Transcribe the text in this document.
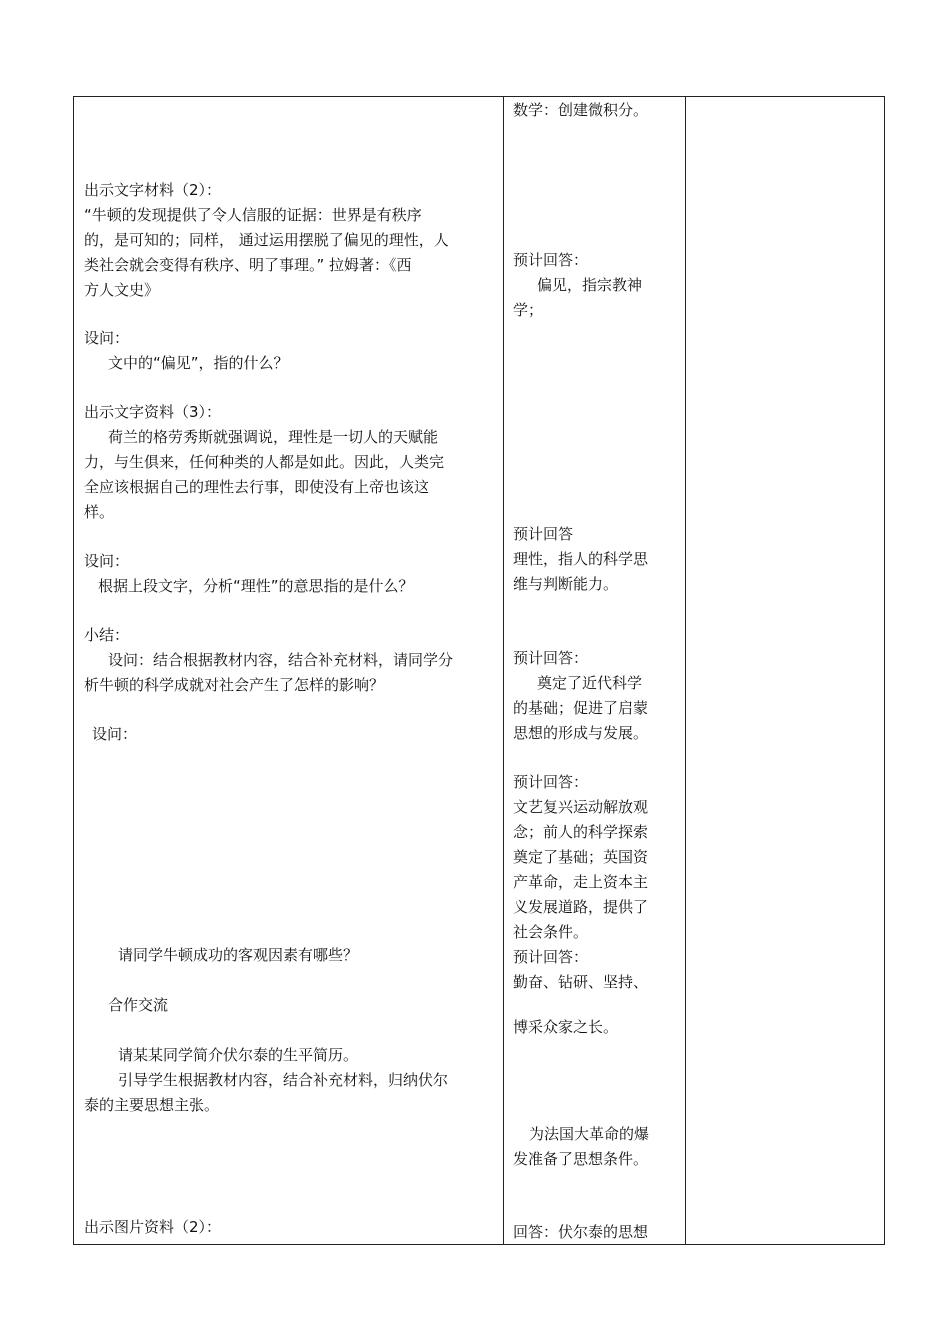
出示文字材料（2）：
“牛顿的发现提供了令人信服的证据：世界是有秩序
的，是可知的；同样， 通过运用摆脱了偏见的理性，人
类社会就会变得有秩序、明了事理。” 拉姆著：《西
方人文史》
设问：
文中的“偏见”，指的什么？
出示文字资料（3）：
荷兰的格劳秀斯就强调说，理性是一切人的天赋能
力，与生俱来，任何种类的人都是如此。因此，人类完
全应该根据自己的理性去行事，即使没有上帝也该这
样。
设问：
根据上段文字，分析“理性”的意思指的是什么？
小结：
设问：结合根据教材内容，结合补充材料，请同学分
析牛顿的科学成就对社会产生了怎样的影响？
设问：
请同学牛顿成功的客观因素有哪些？
合作交流
请某某同学简介伏尔泰的生平简历。
引导学生根据教材内容，结合补充材料，归纳伏尔
泰的主要思想主张。
出示图片资料（2）：
数学：创建微积分。
预计回答：
偏见，指宗教神
学；
预计回答
理性，指人的科学思
维与判断能力。
预计回答：
奠定了近代科学
的基础；促进了启蒙
思想的形成与发展。
预计回答：
文艺复兴运动解放观
念；前人的科学探索
奠定了基础；英国资
产革命，走上资本主
义发展道路，提供了
社会条件。
预计回答：
勤奋、钻研、坚持、
博采众家之长。
为法国大革命的爆
发准备了思想条件。
回答：伏尔泰的思想
